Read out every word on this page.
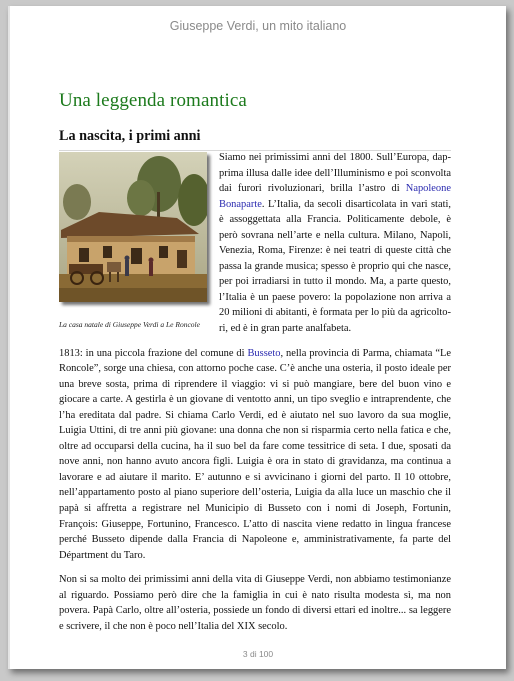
Giuseppe Verdi, un mito italiano
Una leggenda romantica
La nascita, i primi anni
La casa natale di Giuseppe Verdi a Le Roncole

Siamo nei primissimi anni del 1800. Sull’Europa, dapprima illusa dalle idee dell’Illuminismo e poi sconvolta dai furori rivoluzionari, brilla l’astro di Napoleone Bonaparte. L’Italia, da secoli disarticolata in vari stati, è assoggettata alla Francia. Politicamente debole, è però sovrana nell’arte e nella cultura. Milano, Napoli, Venezia, Roma, Firenze: è nei teatri di queste città che passa la grande musica; spesso è proprio qui che nasce, per poi irradiarsi in tutto il mondo. Ma, a parte questo, l’Italia è un paese povero: la popolazione non arriva a 20 milioni di abitanti, è formata per lo più da agricoltori, ed è in gran parte analfabeta.

1813: in una piccola frazione del comune di Busseto, nella provincia di Parma, chiamata “Le Roncole”, sorge una chiesa, con attorno poche case. C’è anche una osteria, il posto ideale per una breve sosta, prima di riprendere il viaggio: vi si può mangiare, bere del buon vino e giocare a carte. A gestirla è un giovane di ventotto anni, un tipo sveglio e intraprendente, che l’ha ereditata dal padre. Si chiama Carlo Verdi, ed è aiutato nel suo lavoro da sua moglie, Luigia Uttini, di tre anni più giovane: una donna che non si risparmia certo nella fatica e che, oltre ad occuparsi della cucina, ha il suo bel da fare come tessitrice di seta. I due, sposati da nove anni, non hanno avuto ancora figli. Luigia è ora in stato di gravidanza, ma continua a lavorare e ad aiutare il marito. E’ autunno e si avvicinano i giorni del parto. Il 10 ottobre, nell’appartamento posto al piano superiore dell’osteria, Luigia da alla luce un maschio che il papà si affretta a registrare nel Municipio di Busseto con i nomi di Joseph, Fortunin, François: Giuseppe, Fortunino, Francesco. L’atto di nascita viene redatto in lingua francese perché Busseto dipende dalla Francia di Napoleone e, amministrativamente, fa parte del Départment du Taro.

Non si sa molto dei primissimi anni della vita di Giuseppe Verdi, non abbiamo testimonianze al riguardo. Possiamo però dire che la famiglia in cui è nato risulta modesta sì, ma non povera. Papà Carlo, oltre all’osteria, possiede un fondo di diversi ettari ed inoltre... sa leggere e scrivere, il che non è poco nell’Italia del XIX secolo.

3 di 100
